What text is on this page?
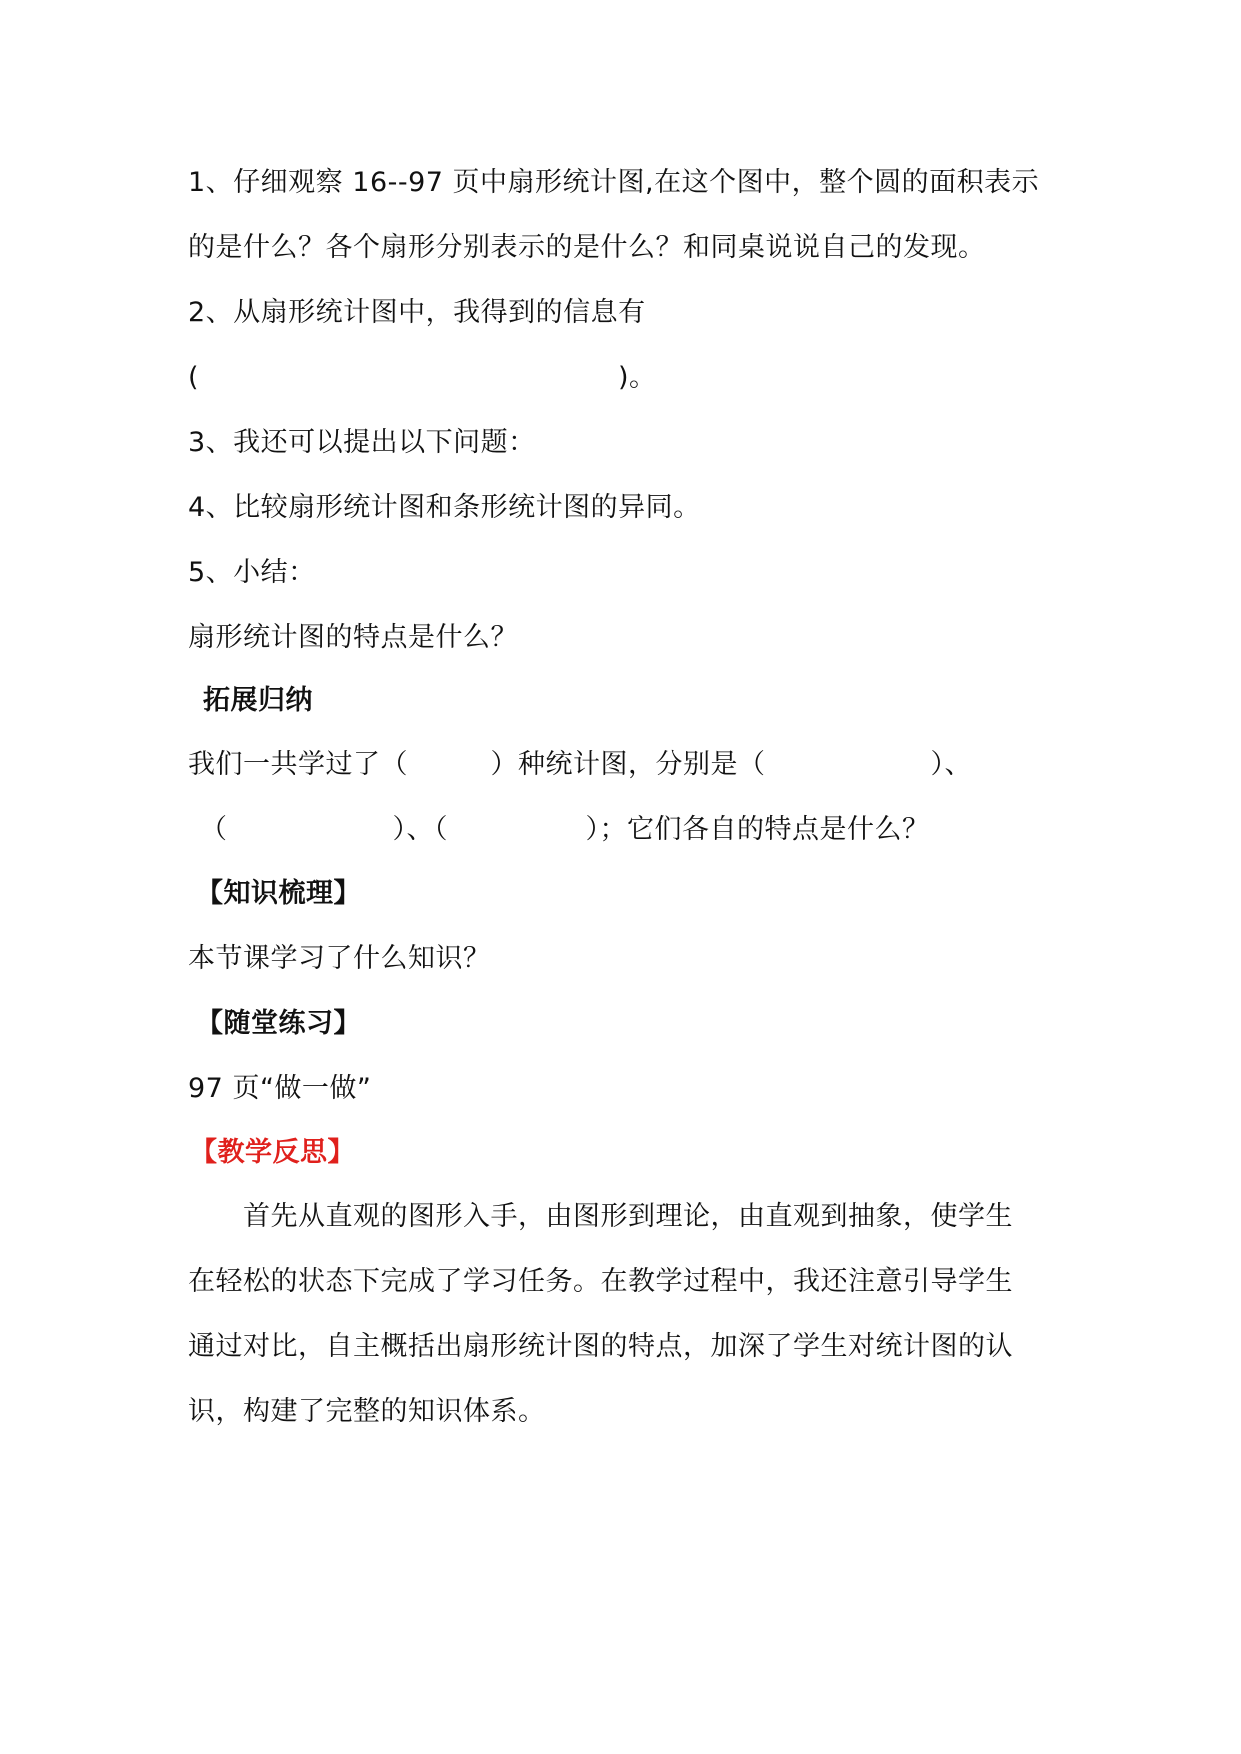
1、仔细观察 16--97 页中扇形统计图,在这个图中，整个圆的面积表示
的是什么？各个扇形分别表示的是什么？和同桌说说自己的发现。
2、从扇形统计图中，我得到的信息有
(	)。
3、我还可以提出以下问题：
4、比较扇形统计图和条形统计图的异同。
5、小结：
扇形统计图的特点是什么？
拓展归纳
我们一共学过了（　　　）种统计图，分别是（　　　　　　）、
（　　　　　　）、（　　　　　）；它们各自的特点是什么？
【知识梳理】
本节课学习了什么知识？
【随堂练习】
97 页“做一做”
【教学反思】
　　首先从直观的图形入手，由图形到理论，由直观到抽象，使学生
在轻松的状态下完成了学习任务。在教学过程中，我还注意引导学生
通过对比，自主概括出扇形统计图的特点，加深了学生对统计图的认
识，构建了完整的知识体系。
